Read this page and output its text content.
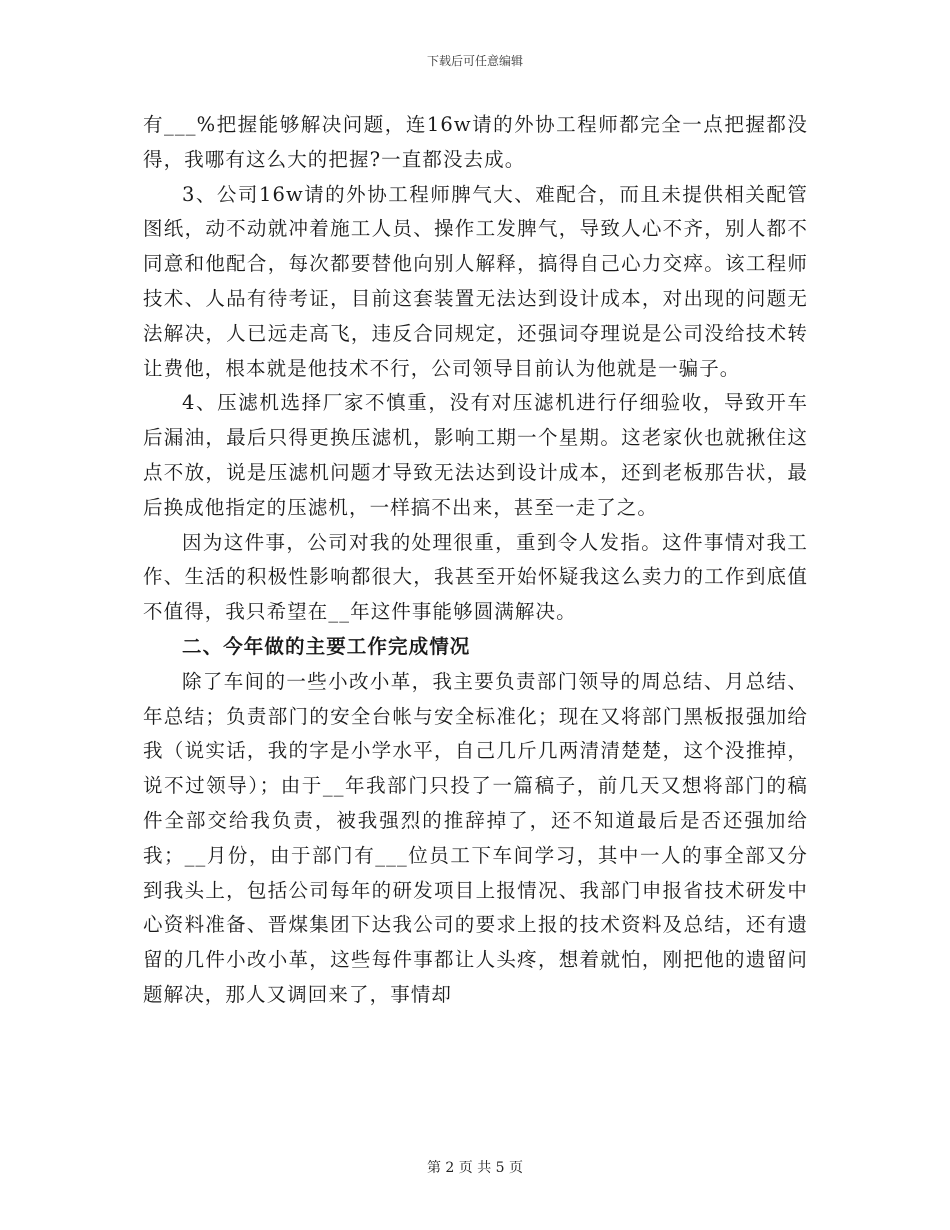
下载后可任意编辑

有___%把握能够解决问题，连16w请的外协工程师都完全一点把握都没得，我哪有这么大的把握?一直都没去成。

3、公司16w请的外协工程师脾气大、难配合，而且未提供相关配管图纸，动不动就冲着施工人员、操作工发脾气，导致人心不齐，别人都不同意和他配合，每次都要替他向别人解释，搞得自己心力交瘁。该工程师技术、人品有待考证，目前这套装置无法达到设计成本，对出现的问题无法解决，人已远走高飞，违反合同规定，还强词夺理说是公司没给技术转让费他，根本就是他技术不行，公司领导目前认为他就是一骗子。

4、压滤机选择厂家不慎重，没有对压滤机进行仔细验收，导致开车后漏油，最后只得更换压滤机，影响工期一个星期。这老家伙也就揪住这点不放，说是压滤机问题才导致无法达到设计成本，还到老板那告状，最后换成他指定的压滤机，一样搞不出来，甚至一走了之。

因为这件事，公司对我的处理很重，重到令人发指。这件事情对我工作、生活的积极性影响都很大，我甚至开始怀疑我这么卖力的工作到底值不值得，我只希望在__年这件事能够圆满解决。

二、今年做的主要工作完成情况

除了车间的一些小改小革，我主要负责部门领导的周总结、月总结、年总结；负责部门的安全台帐与安全标准化；现在又将部门黑板报强加给我（说实话，我的字是小学水平，自己几斤几两清清楚楚，这个没推掉，说不过领导）；由于__年我部门只投了一篇稿子，前几天又想将部门的稿件全部交给我负责，被我强烈的推辞掉了，还不知道最后是否还强加给我；__月份，由于部门有___位员工下车间学习，其中一人的事全部又分到我头上，包括公司每年的研发项目上报情况、我部门申报省技术研发中心资料准备、晋煤集团下达我公司的要求上报的技术资料及总结，还有遗留的几件小改小革，这些每件事都让人头疼，想着就怕，刚把他的遗留问题解决，那人又调回来了，事情却

第 2 页 共 5 页
